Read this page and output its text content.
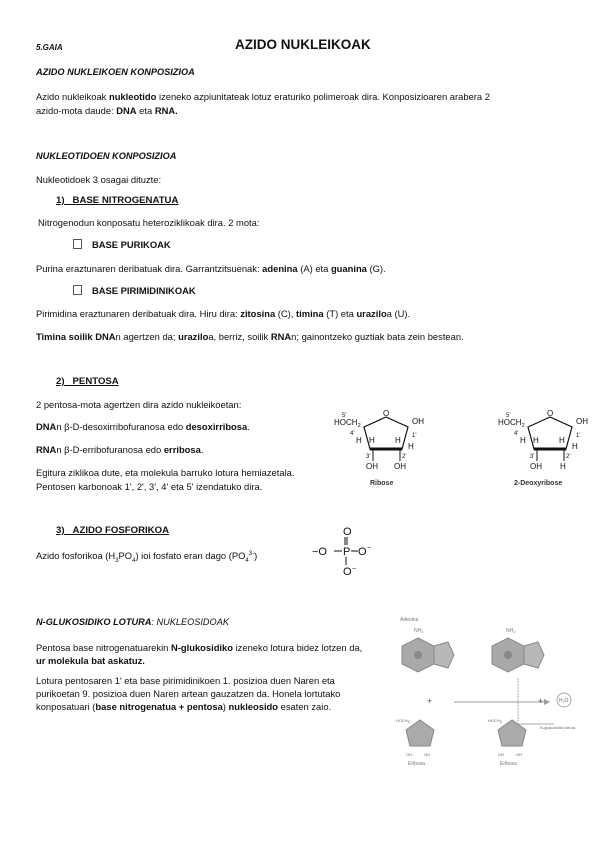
5.GAIA	AZIDO NUKLEIKOAK
AZIDO NUKLEIKOEN KONPOSIZIOA
Azido nukleikoak nukleotido izeneko azpiunitateak lotuz eraturiko polimeroak dira. Konposizioaren arabera 2
azido-mota daude: DNA eta RNA.
NUKLEOTIDOEN KONPOSIZIOA
Nukleotidoek 3 osagai dituzte:
1)   BASE NITROGENATUA
Nitrogenodun konposatu heteroziklikoak dira. 2 mota:
BASE PURIKOAK
Purina eraztunaren deribatuak dira. Garrantzitsuenak: adenina (A) eta guanina (G).
BASE PIRIMIDINIKOAK
Pirimidina eraztunaren deribatuak dira. Hiru dira: zitosina (C), timina (T) eta uraziloa (U).
Timina soilik DNAn agertzen da; uraziloa, berriz, soilik RNAn; gainontzeko guztiak bata zein bestean.
2)   PENTOSA
2 pentosa-mota agertzen dira azido nukleikoetan:
DNAn β-D-desoxirribofuranosa edo desoxirribosa.
RNAn β-D-erribofuranosa edo erribosa.
Egitura ziklikoa dute, eta molekula barruko lotura hemiazetala.
Pentosen karbonoak 1', 2', 3', 4' eta 5' izendatuko dira.
5'
$HOCH_2$
O
OH
4'	1'
H H	H
H
3'	2'
OH OH
Ribose
5'
$HOCH_2$
O
OH
4'	1'
H H	H
H
3'	2'
OH H
2-Deoxyribose
3)   AZIDO FOSFORIKOA
Azido fosforikoa $(H_3PO_4)$ ioi fosfato eran dago $(PO_4^{3-})$
O
−O P O −
O −
N-GLUKOSIDIKO LOTURA: NUKLEOSIDOAK
Pentosa base nitrogenatuarekin N-glukosidiko izeneko lotura bidez lotzen da,
ur molekula bat askatuz.
Lotura pentosaren 1' eta base pirimidinikoen 1. posizioa duen Naren eta
purikoetan 9. posizioa duen Naren artean gauzatzen da. Honela lortutako
konposatuari (base nitrogenatua + pentosa) nukleosido esaten zaio.
Adenina
$NH_2$	$NH_2$
+	+	H₂O
N-glukosidiko lotura
HOCH2
OH	OH
HOCH2
OH	OH
Eribosa	Eribosa
